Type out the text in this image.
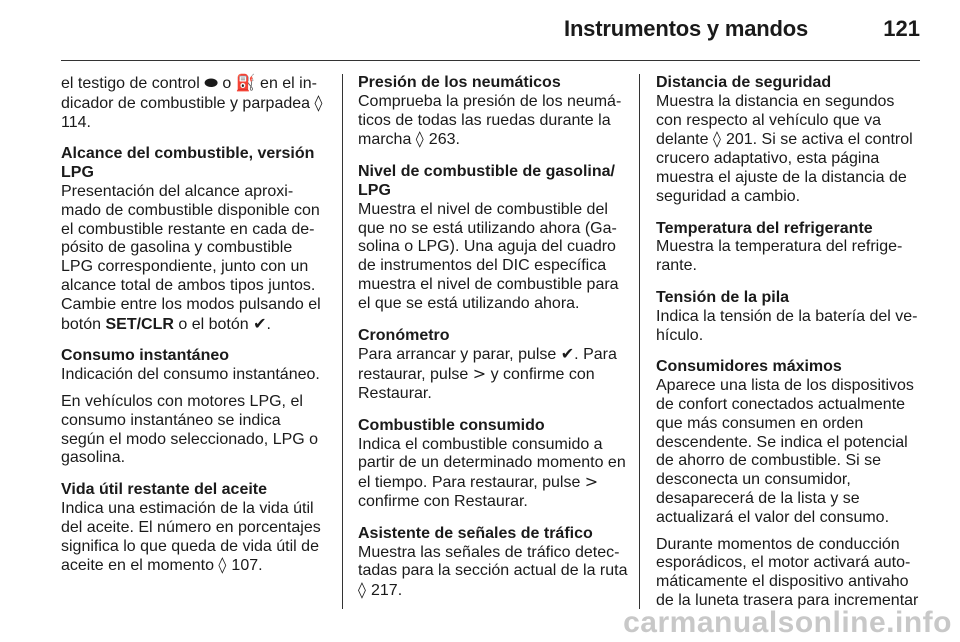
Instrumentos y mandos	121
el testigo de control ⬬ o ⛽ en el indicador de combustible y parpadea ◊ 114.
Alcance del combustible, versión LPG
Presentación del alcance aproximado de combustible disponible con el combustible restante en cada depósito de gasolina y combustible LPG correspondiente, junto con un alcance total de ambos tipos juntos. Cambie entre los modos pulsando el botón SET/CLR o el botón ✔.
Consumo instantáneo
Indicación del consumo instantáneo.
En vehículos con motores LPG, el consumo instantáneo se indica según el modo seleccionado, LPG o gasolina.
Vida útil restante del aceite
Indica una estimación de la vida útil del aceite. El número en porcentajes significa lo que queda de vida útil de aceite en el momento ◊ 107.
Presión de los neumáticos
Comprueba la presión de los neumáticos de todas las ruedas durante la marcha ◊ 263.
Nivel de combustible de gasolina/ LPG
Muestra el nivel de combustible del que no se está utilizando ahora (Gasolina o LPG). Una aguja del cuadro de instrumentos del DIC específica muestra el nivel de combustible para el que se está utilizando ahora.
Cronómetro
Para arrancar y parar, pulse ✔. Para restaurar, pulse > y confirme con Restaurar.
Combustible consumido
Indica el combustible consumido a partir de un determinado momento en el tiempo. Para restaurar, pulse >
confirme con Restaurar.
Asistente de señales de tráfico
Muestra las señales de tráfico detectadas para la sección actual de la ruta ◊ 217.
Distancia de seguridad
Muestra la distancia en segundos con respecto al vehículo que va delante ◊ 201. Si se activa el control crucero adaptativo, esta página muestra el ajuste de la distancia de seguridad a cambio.
Temperatura del refrigerante
Muestra la temperatura del refrigerante.
Tensión de la pila
Indica la tensión de la batería del vehículo.
Consumidores máximos
Aparece una lista de los dispositivos de confort conectados actualmente que más consumen en orden descendente. Se indica el potencial de ahorro de combustible. Si se desconecta un consumidor, desaparecerá de la lista y se actualizará el valor del consumo.
Durante momentos de conducción esporádicos, el motor activará automáticamente el dispositivo antivaho de la luneta trasera para incrementar
carmanualsonline.info
